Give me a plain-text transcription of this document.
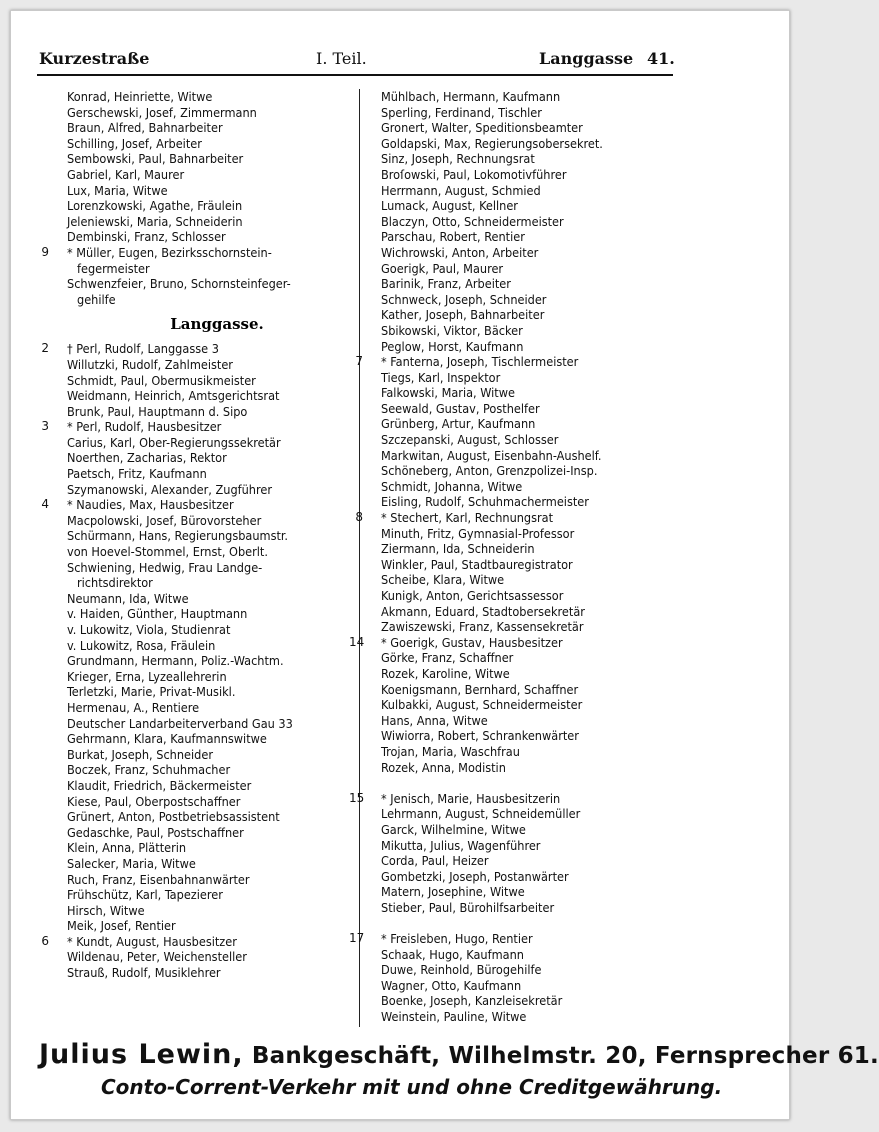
Kurzestraße	I. Teil.	Langgasse 41.
Konrad, Heinriette, Witwe
Gerschewski, Josef, Zimmermann
Braun, Alfred, Bahnarbeiter
Schilling, Josef, Arbeiter
Sembowski, Paul, Bahnarbeiter
Gabriel, Karl, Maurer
Lux, Maria, Witwe
Lorenzkowski, Agathe, Fräulein
Jeleniewski, Maria, Schneiderin
Dembinski, Franz, Schlosser
9 * Müller, Eugen, Bezirksschornstein-
fegermeister
Schwenzfeier, Bruno, Schornsteinfeger-
gehilfe
Langgasse.
2 † Perl, Rudolf, Langgasse 3
Willutzki, Rudolf, Zahlmeister
Schmidt, Paul, Obermusikmeister
Weidmann, Heinrich, Amtsgerichtsrat
Brunk, Paul, Hauptmann d. Sipo
3 * Perl, Rudolf, Hausbesitzer
Carius, Karl, Ober-Regierungssekretär
Noerthen, Zacharias, Rektor
Paetsch, Fritz, Kaufmann
Szymanowski, Alexander, Zugführer
4 * Naudies, Max, Hausbesitzer
Macpolowski, Josef, Bürovorsteher
Schürmann, Hans, Regierungsbaumstr.
von Hoevel-Stommel, Ernst, Oberlt.
Schwiening, Hedwig, Frau Landge-
richtsdirektor
Neumann, Ida, Witwe
v. Haiden, Günther, Hauptmann
v. Lukowitz, Viola, Studienrat
v. Lukowitz, Rosa, Fräulein
Grundmann, Hermann, Poliz.-Wachtm.
Krieger, Erna, Lyzeallehrerin
Terletzki, Marie, Privat-Musikl.
Hermenau, A., Rentiere
Deutscher Landarbeiterverband Gau 33
Gehrmann, Klara, Kaufmannswitwe
Burkat, Joseph, Schneider
Boczek, Franz, Schuhmacher
Klaudit, Friedrich, Bäckermeister
Kiese, Paul, Oberpostschaffner
Grünert, Anton, Postbetriebsassistent
Gedaschke, Paul, Postschaffner
Klein, Anna, Plätterin
Salecker, Maria, Witwe
Ruch, Franz, Eisenbahnanwärter
Frühschütz, Karl, Tapezierer
Hirsch, Witwe
Meik, Josef, Rentier
6 * Kundt, August, Hausbesitzer
Wildenau, Peter, Weichensteller
Strauß, Rudolf, Musiklehrer
Mühlbach, Hermann, Kaufmann
Sperling, Ferdinand, Tischler
Gronert, Walter, Speditionsbeamter
Goldapski, Max, Regierungsobersekret.
Sinz, Joseph, Rechnungsrat
Broſowski, Paul, Lokomotivführer
Herrmann, August, Schmied
Lumack, August, Kellner
Blaczyn, Otto, Schneidermeister
Parschau, Robert, Rentier
Wichrowski, Anton, Arbeiter
Goerigk, Paul, Maurer
Barinik, Franz, Arbeiter
Schnweck, Joseph, Schneider
Kather, Joseph, Bahnarbeiter
Sbikowski, Viktor, Bäcker
Peglow, Horst, Kaufmann
7 * Fanterna, Joseph, Tischlermeister
Tiegs, Karl, Inspektor
Falkowski, Maria, Witwe
Seewald, Gustav, Posthelfer
Grünberg, Artur, Kaufmann
Szczepanski, August, Schlosser
Markwitan, August, Eisenbahn-Aushelf.
Schöneberg, Anton, Grenzpolizei-Insp.
Schmidt, Johanna, Witwe
Eisling, Rudolf, Schuhmachermeister
8 * Stechert, Karl, Rechnungsrat
Minuth, Fritz, Gymnasial-Professor
Ziermann, Ida, Schneiderin
Winkler, Paul, Stadtbauregistrator
Scheibe, Klara, Witwe
Kunigk, Anton, Gerichtsassessor
Akmann, Eduard, Stadtobersekretär
Zawiszewski, Franz, Kassensekretär
14 * Goerigk, Gustav, Hausbesitzer
Görke, Franz, Schaffner
Rozek, Karoline, Witwe
Koenigsmann, Bernhard, Schaffner
Kulbakki, August, Schneidermeister
Hans, Anna, Witwe
Wiwiorra, Robert, Schrankenwärter
Trojan, Maria, Waschfrau
Rozek, Anna, Modistin
15 * Jenisch, Marie, Hausbesitzerin
Lehrmann, August, Schneidemüller
Garck, Wilhelmine, Witwe
Mikutta, Julius, Wagenführer
Corda, Paul, Heizer
Gombetzki, Joseph, Postanwärter
Matern, Josephine, Witwe
Stieber, Paul, Bürohilfsarbeiter
17 * Freisleben, Hugo, Rentier
Schaak, Hugo, Kaufmann
Duwe, Reinhold, Bürogehilfe
Wagner, Otto, Kaufmann
Boenke, Joseph, Kanzleisekretär
Weinstein, Pauline, Witwe
Julius Lewin, Bankgeschäft, Wilhelmstr. 20, Fernsprecher 61.
Conto-Corrent-Verkehr mit und ohne Creditgewährung.
